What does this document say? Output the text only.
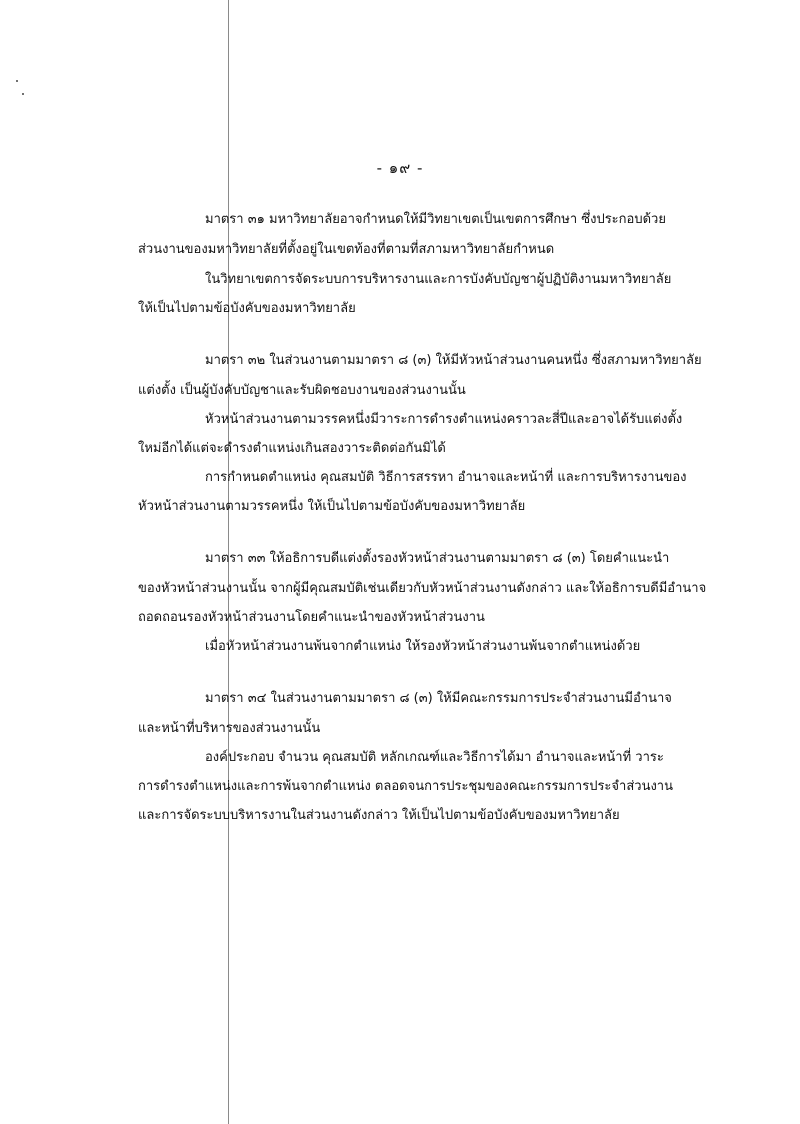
- ๑๙ -
มาตรา ๓๑ มหาวิทยาลัยอาจกำหนดให้มีวิทยาเขตเป็นเขตการศึกษา ซึ่งประกอบด้วย
ส่วนงานของมหาวิทยาลัยที่ตั้งอยู่ในเขตท้องที่ตามที่สภามหาวิทยาลัยกำหนด
ในวิทยาเขตการจัดระบบการบริหารงานและการบังคับบัญชาผู้ปฏิบัติงานมหาวิทยาลัย
ให้เป็นไปตามข้อบังคับของมหาวิทยาลัย
มาตรา ๓๒ ในส่วนงานตามมาตรา ๘ (๓) ให้มีหัวหน้าส่วนงานคนหนึ่ง ซึ่งสภามหาวิทยาลัย
แต่งตั้ง เป็นผู้บังคับบัญชาและรับผิดชอบงานของส่วนงานนั้น
หัวหน้าส่วนงานตามวรรคหนึ่งมีวาระการดำรงตำแหน่งคราวละสี่ปีและอาจได้รับแต่งตั้ง
ใหม่อีกได้แต่จะดำรงตำแหน่งเกินสองวาระติดต่อกันมิได้
การกำหนดตำแหน่ง คุณสมบัติ วิธีการสรรหา อำนาจและหน้าที่ และการบริหารงานของ
หัวหน้าส่วนงานตามวรรคหนึ่ง ให้เป็นไปตามข้อบังคับของมหาวิทยาลัย
มาตรา ๓๓ ให้อธิการบดีแต่งตั้งรองหัวหน้าส่วนงานตามมาตรา ๘ (๓) โดยคำแนะนำ
ของหัวหน้าส่วนงานนั้น จากผู้มีคุณสมบัติเช่นเดียวกับหัวหน้าส่วนงานดังกล่าว และให้อธิการบดีมีอำนาจ
ถอดถอนรองหัวหน้าส่วนงานโดยคำแนะนำของหัวหน้าส่วนงาน
เมื่อหัวหน้าส่วนงานพ้นจากตำแหน่ง ให้รองหัวหน้าส่วนงานพ้นจากตำแหน่งด้วย
มาตรา ๓๔ ในส่วนงานตามมาตรา ๘ (๓) ให้มีคณะกรรมการประจำส่วนงานมีอำนาจ
และหน้าที่บริหารของส่วนงานนั้น
องค์ประกอบ จำนวน คุณสมบัติ หลักเกณฑ์และวิธีการได้มา อำนาจและหน้าที่ วาระ
การดำรงตำแหน่งและการพ้นจากตำแหน่ง ตลอดจนการประชุมของคณะกรรมการประจำส่วนงาน
และการจัดระบบบริหารงานในส่วนงานดังกล่าว ให้เป็นไปตามข้อบังคับของมหาวิทยาลัย
